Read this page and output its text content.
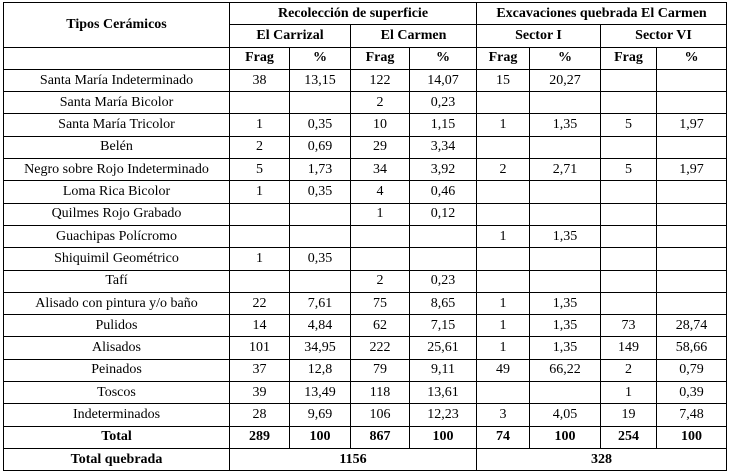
Tipos Cerámicos	Recolección de superficie				Excavaciones quebrada El Carmen			
	El Carrizal		El Carmen		Sector I		Sector VI	
	Frag	%	Frag	%	Frag	%	Frag	%
Santa María Indeterminado	38	13,15	122	14,07	15	20,27		
Santa María Bicolor			2	0,23				
Santa María Tricolor	1	0,35	10	1,15	1	1,35	5	1,97
Belén	2	0,69	29	3,34				
Negro sobre Rojo Indeterminado	5	1,73	34	3,92	2	2,71	5	1,97
Loma Rica Bicolor	1	0,35	4	0,46				
Quilmes Rojo Grabado			1	0,12				
Guachipas Polícromo					1	1,35		
Shiquimil Geométrico	1	0,35						
Tafí			2	0,23				
Alisado con pintura y/o baño	22	7,61	75	8,65	1	1,35		
Pulidos	14	4,84	62	7,15	1	1,35	73	28,74
Alisados	101	34,95	222	25,61	1	1,35	149	58,66
Peinados	37	12,8	79	9,11	49	66,22	2	0,79
Toscos	39	13,49	118	13,61			1	0,39
Indeterminados	28	9,69	106	12,23	3	4,05	19	7,48
Total	289	100	867	100	74	100	254	100
Total quebrada	1156				328			
